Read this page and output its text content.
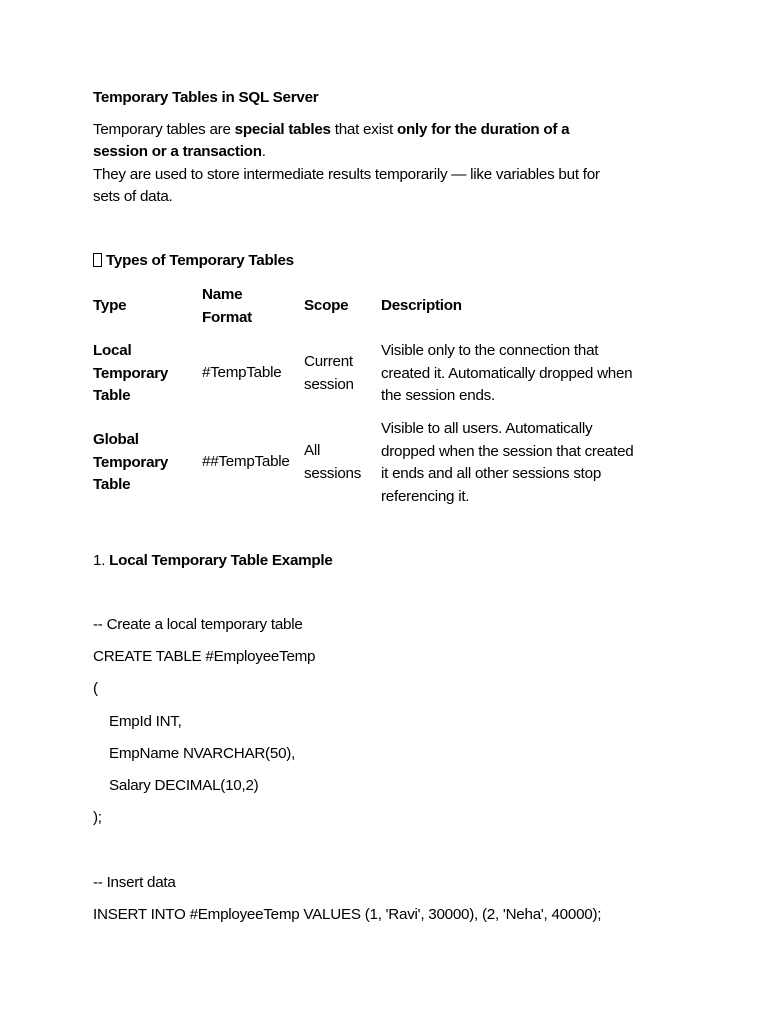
Temporary Tables in SQL Server
Temporary tables are special tables that exist only for the duration of a
session or a transaction.
They are used to store intermediate results temporarily — like variables but for
sets of data.
Types of Temporary Tables
Type
Name
Format
Scope Description
Local
Temporary
Table
#TempTable
Current
session
Visible only to the connection that
created it. Automatically dropped when
the session ends.
Global
Temporary
Table
##TempTable
All
sessions
Visible to all users. Automatically
dropped when the session that created
it ends and all other sessions stop
referencing it.
1. Local Temporary Table Example
-- Create a local temporary table
CREATE TABLE #EmployeeTemp
(
EmpId INT,
EmpName NVARCHAR(50),
Salary DECIMAL(10,2)
);
-- Insert data
INSERT INTO #EmployeeTemp VALUES (1, 'Ravi', 30000), (2, 'Neha', 40000);
